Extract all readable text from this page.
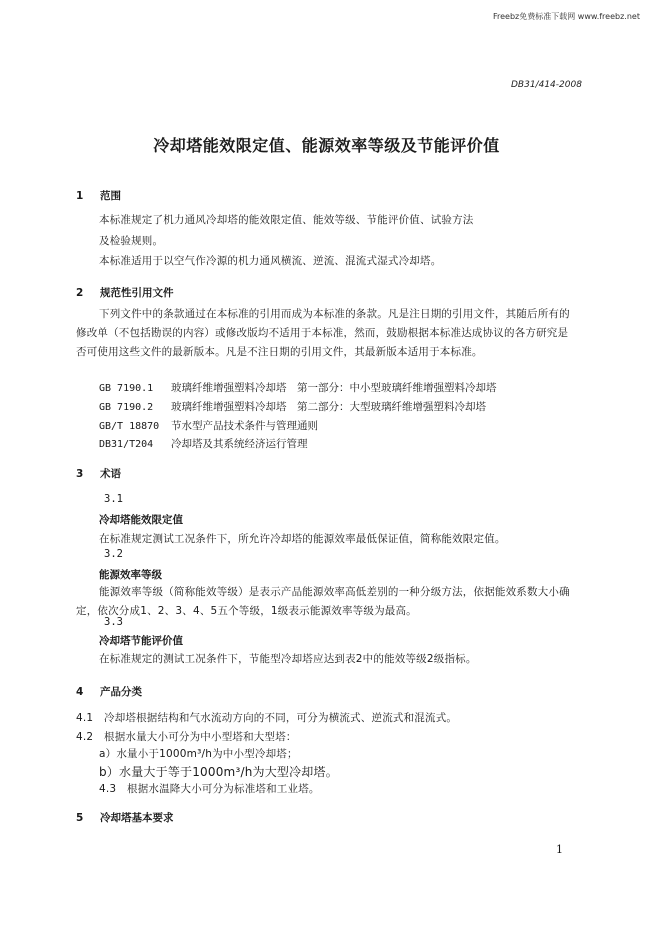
Freebz免费标准下载网 www.freebz.net
DB31/414-2008
冷却塔能效限定值、能源效率等级及节能评价值
1 范围
本标准规定了机力通风冷却塔的能效限定值、能效等级、节能评价值、试验方法
及检验规则。
本标准适用于以空气作冷源的机力通风横流、逆流、混流式湿式冷却塔。
2 规范性引用文件
下列文件中的条款通过在本标准的引用而成为本标准的条款。凡是注日期的引用文件，其随后所有的修改单（不包括勘误的内容）或修改版均不适用于本标准，然而，鼓励根据本标准达成协议的各方研究是否可使用这些文件的最新版本。凡是不注日期的引用文件，其最新版本适用于本标准。
GB 7190.1 玻璃纤维增强塑料冷却塔　第一部分：中小型玻璃纤维增强塑料冷却塔
GB 7190.2 玻璃纤维增强塑料冷却塔　第二部分：大型玻璃纤维增强塑料冷却塔
GB/T 18870 节水型产品技术条件与管理通则
DB31/T204 冷却塔及其系统经济运行管理
3 术语
3.1
冷却塔能效限定值
在标准规定测试工况条件下，所允许冷却塔的能源效率最低保证值，简称能效限定值。
3.2
能源效率等级
能源效率等级（简称能效等级）是表示产品能源效率高低差别的一种分级方法，依据能效系数大小确定，依次分成1、2、3、4、5五个等级，1级表示能源效率等级为最高。
3.3
冷却塔节能评价值
在标准规定的测试工况条件下，节能型冷却塔应达到表2中的能效等级2级指标。
4 产品分类
4.1　冷却塔根据结构和气水流动方向的不同，可分为横流式、逆流式和混流式。
4.2　根据水量大小可分为中小型塔和大型塔：
a）水量小于1000m³/h为中小型冷却塔；
b）水量大于等于1000m³/h为大型冷却塔。
4.3　根据水温降大小可分为标准塔和工业塔。
5 冷却塔基本要求
1
